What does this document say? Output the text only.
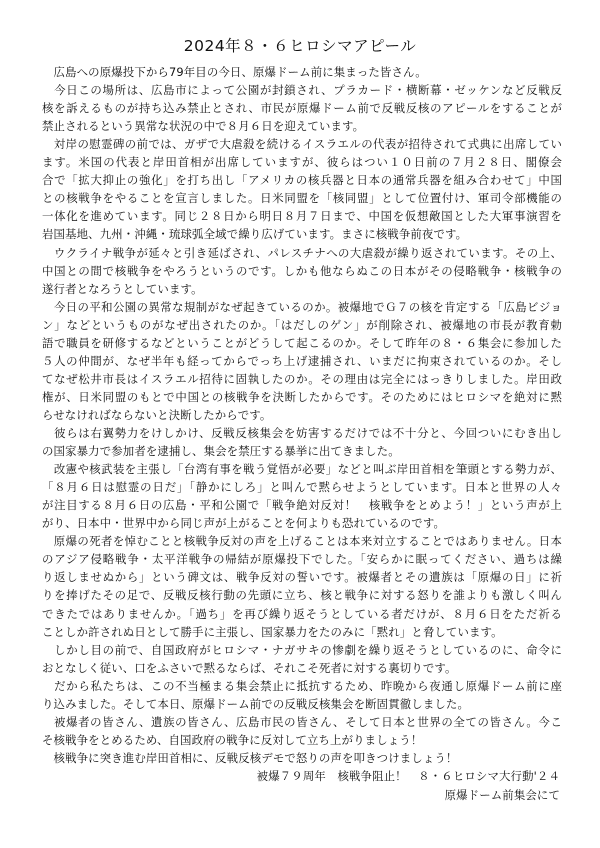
2024年８・６ヒロシマアピール
　広島への原爆投下から79年目の今日、原爆ドーム前に集まった皆さん。
　今日この場所は、広島市によって公園が封鎖され、プラカード・横断幕・ゼッケンなど反戦反
核を訴えるものが持ち込み禁止とされ、市民が原爆ドーム前で反戦反核のアピールをすることが
禁止されるという異常な状況の中で８月６日を迎えています。
　対岸の慰霊碑の前では、ガザで大虐殺を続けるイスラエルの代表が招待されて式典に出席してい
ます。米国の代表と岸田首相が出席していますが、彼らはつい１０日前の７月２８日、閣僚会
合で「拡大抑止の強化」を打ち出し「アメリカの核兵器と日本の通常兵器を組み合わせて」中国
との核戦争をやることを宣言しました。日米同盟を「核同盟」として位置付け、軍司令部機能の
一体化を進めています。同じ２８日から明日８月７日まで、中国を仮想敵国とした大軍事演習を
岩国基地、九州・沖縄・琉球弧全域で繰り広げています。まさに核戦争前夜です。
　ウクライナ戦争が延々と引き延ばされ、パレスチナへの大虐殺が繰り返されています。その上、
中国との間で核戦争をやろうというのです。しかも他ならぬこの日本がその侵略戦争・核戦争の
遂行者となろうとしています。
　今日の平和公園の異常な規制がなぜ起きているのか。被爆地でＧ７の核を肯定する「広島ビジョ
ン」などというものがなぜ出されたのか。「はだしのゲン」が削除され、被爆地の市長が教育勅
語で職員を研修するなどということがどうして起こるのか。そして昨年の８・６集会に参加した
５人の仲間が、なぜ半年も経ってからでっち上げ逮捕され、いまだに拘束されているのか。そし
てなぜ松井市長はイスラエル招待に固執したのか。その理由は完全にはっきりしました。岸田政
権が、日米同盟のもとで中国との核戦争を決断したからです。そのためにはヒロシマを絶対に黙
らせなければならないと決断したからです。
　彼らは右翼勢力をけしかけ、反戦反核集会を妨害するだけでは不十分と、今回ついにむき出し
の国家暴力で参加者を逮捕し、集会を禁圧する暴挙に出てきました。
　改憲や核武装を主張し「台湾有事を戦う覚悟が必要」などと叫ぶ岸田首相を筆頭とする勢力が、
「８月６日は慰霊の日だ」「静かにしろ」と叫んで黙らせようとしています。日本と世界の人々
が注目する８月６日の広島・平和公園で「戦争絶対反対！　核戦争をとめよう！」という声が上
がり、日本中・世界中から同じ声が上がることを何よりも恐れているのです。
　原爆の死者を悼むことと核戦争反対の声を上げることは本来対立することではありません。日本
のアジア侵略戦争・太平洋戦争の帰結が原爆投下でした。「安らかに眠ってください、過ちは繰
り返しませぬから」という碑文は、戦争反対の誓いです。被爆者とその遺族は「原爆の日」に祈
りを捧げたその足で、反戦反核行動の先頭に立ち、核と戦争に対する怒りを誰よりも激しく叫ん
できたではありませんか。「過ち」を再び繰り返そうとしている者だけが、８月６日をただ祈る
ことしか許されぬ日として勝手に主張し、国家暴力をたのみに「黙れ」と脅しています。
　しかし目の前で、自国政府がヒロシマ・ナガサキの惨劇を繰り返そうとしているのに、命令に
おとなしく従い、口をふさいで黙るならば、それこそ死者に対する裏切りです。
　だから私たちは、この不当極まる集会禁止に抵抗するため、昨晩から夜通し原爆ドーム前に座
り込みました。そして本日、原爆ドーム前での反戦反核集会を断固貫徹しました。
　被爆者の皆さん、遺族の皆さん、広島市民の皆さん、そして日本と世界の全ての皆さん。今こ
そ核戦争をとめるため、自国政府の戦争に反対して立ち上がりましょう！
　核戦争に突き進む岸田首相に、反戦反核デモで怒りの声を叩きつけましょう！
被爆７９周年　核戦争阻止！　８・６ヒロシマ大行動'２４
原爆ドーム前集会にて
